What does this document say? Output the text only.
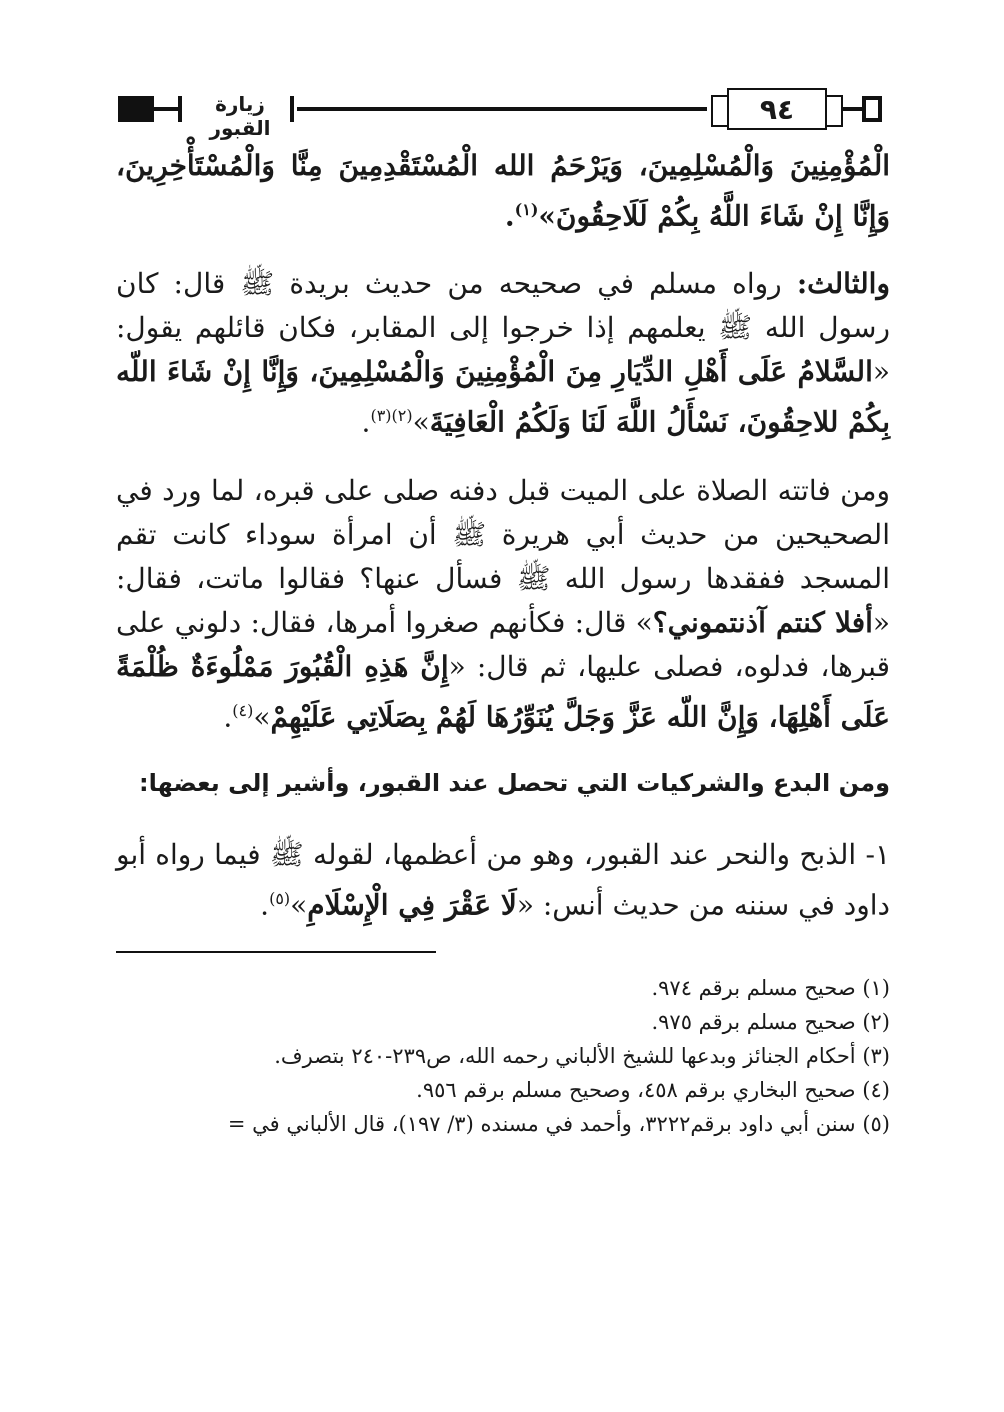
٩٤
زيارة القبور

الْمُؤْمِنِينَ وَالْمُسْلِمِينَ، وَيَرْحَمُ الله الْمُسْتَقْدِمِينَ مِنَّا وَالْمُسْتَأْخِرِينَ، وَإِنَّا إِنْ شَاءَ اللَّهُ بِكُمْ لَلَاحِقُونَ»$^{(١)}$.

والثالث: رواه مسلم في صحيحه من حديث بريدة ﷺ قال: كان رسول الله ﷺ يعلمهم إذا خرجوا إلى المقابر، فكان قائلهم يقول: «السَّلامُ عَلَى أَهْلِ الدِّيَارِ مِنَ الْمُؤْمِنِينَ وَالْمُسْلِمِينَ، وَإِنَّا إِنْ شَاءَ اللّه بِكُمْ للاحِقُونَ، نَسْأَلُ اللَّهَ لَنَا وَلَكُمُ الْعَافِيَةَ»$^{(٢)(٣)}$.

ومن فاتته الصلاة على الميت قبل دفنه صلى على قبره، لما ورد في الصحيحين من حديث أبي هريرة ﷺ أن امرأة سوداء كانت تقم المسجد ففقدها رسول الله ﷺ فسأل عنها؟ فقالوا ماتت، فقال: «أفلا كنتم آذنتموني؟» قال: فكأنهم صغروا أمرها، فقال: دلوني على قبرها، فدلوه، فصلى عليها، ثم قال: «إِنَّ هَذِهِ الْقُبُورَ مَمْلُوءَةٌ ظُلْمَةً عَلَى أَهْلِهَا، وَإِنَّ اللّه عَزَّ وَجَلَّ يُنَوِّرُهَا لَهُمْ بِصَلَاتِي عَلَيْهِمْ»$^{(٤)}$.

ومن البدع والشركيات التي تحصل عند القبور، وأشير إلى بعضها:

١- الذبح والنحر عند القبور، وهو من أعظمها، لقوله ﷺ فيما رواه أبو داود في سننه من حديث أنس: «لَا عَقْرَ فِي الْإِسْلَامِ»$^{(٥)}$.

(١) صحيح مسلم برقم ٩٧٤.
(٢) صحيح مسلم برقم ٩٧٥.
(٣) أحكام الجنائز وبدعها للشيخ الألباني رحمه الله، ص٢٣٩-٢٤٠ بتصرف.
(٤) صحيح البخاري برقم ٤٥٨، وصحيح مسلم برقم ٩٥٦.
(٥) سنن أبي داود برقم٣٢٢٢، وأحمد في مسنده (٣/ ١٩٧)، قال الألباني في =
